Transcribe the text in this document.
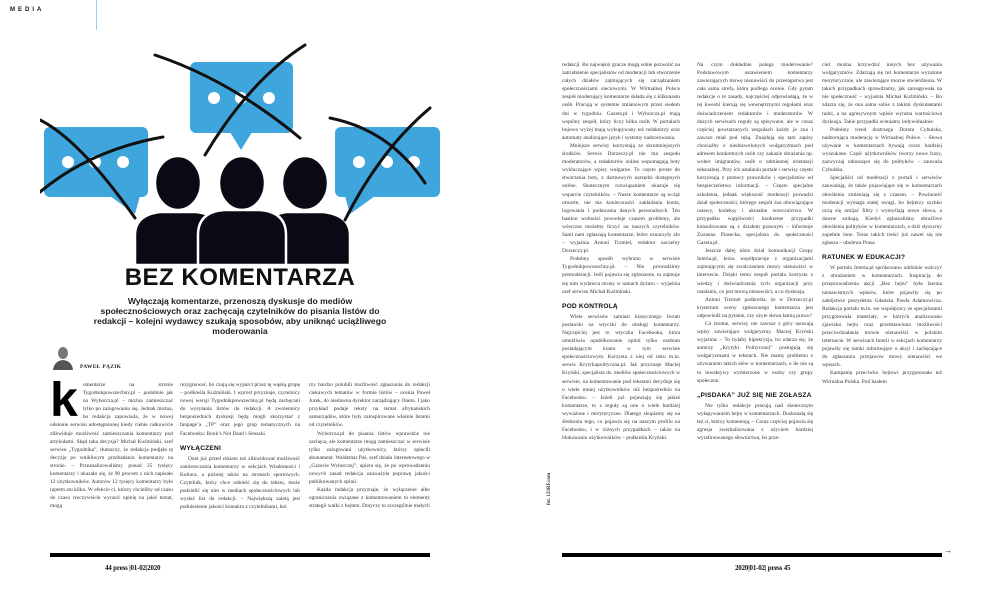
MEDIA
BEZ KOMENTARZA
Wyłączają komentarze, przenoszą dyskusje do mediów społecznościowych oraz zachęcają czytelników do pisania listów do redakcji – kolejni wydawcy szukają sposobów, aby uniknąć uciążliwego moderowania
PAWEŁ PĄZIK
k omentarze na stronie Tygodnikpowszechny.pl – podobnie jak na Wyborcza.pl – można zamieszczać tylko po zalogowaniu się. Jednak można, bo redakcja zapowiada, że w nowej odsłonie serwisu udostępnionej kiedy ciebie całkowicie zlikwiduje możliwość zamieszczania komentarzy pod artykułami. Skąd taka decyzja? Michał Kuźmiński, szef serwisu „Tygodnika”, tłumaczy, że redakcja podjęła tę decyzję po wnikliwym przebadaniu komentarzy na stronie. – Przeanalizowaliśmy ponad 35 tysięcy komentarzy i okazało się, że 90 procent z nich napisało 12 użytkowników. Autorów 12 tysięcy komentarzy było raptem stu kilku. W efekcie ci, którzy chcieliby od czasu do czasu rzeczywiście wyrazić opinię na jakiś temat, mogą

rezygnować, bo czują się wyparci przez tę wąską grupę – podkreśla Kuźmiński. I wprost przyznaje, czytelnicy nowej wersji Tygodnikpowszechny.pl będą zachęcani do wysyłania listów do redakcji. A zwolennicy bezpośrednich dyskusji będą mogli skorzystać z fanpage’a „TP” oraz jego grup tematycznych na Facebooku: Book’s Not Dead i Sensaki.

WYŁĄCZENI

Onet już przed rokiem też zlikwidował możliwość zamieszczania komentarzy w sekcjach Wiadomości i Kultura, a później także na stronach sportowych. Czytelnik, który chce odnieść się do tekstu, może podzielić się nim w mediach społecznościowych lub wysłać list do redakcji. – Największą zaletą jest podniesienie jakości kontaktu z czytelnikami, któ

rzy bardzo polubili możliwość zgłaszania do redakcji ciekawych tematów w formie listów – ocenia Paweł Jurek, do niedawna dyrektor zarządzający Onetu. I jako przykład podaje teksty na temat afrykańskich samorządów, które były zainspirowane właśnie listami od czytelników.

Wyborcza.pl do pisania listów wprawdzie nie zachęca, ale komentarze mogą zamieszczać w serwisie tylko zalogowani użytkownicy, którzy opłacili abonament. Waldemar Paś, szef działu internetowego w „Gazecie Wyborczej”, upiera się, że po wprowadzeniu nowych zasad redakcja zauważyła poprawę jakości publikowanych opinii.

Każda redakcja przyznaje, że wyłączenie albo ograniczenia związane z komentowaniem to elementy strategii walki z hejtem. Dotyczy to szczególnie małych

44 press |01-02|2020

redakcji. Bo najwięksi gracze mogą sobie pozwolić na zatrudnienie specjalistów od moderacji lub stworzenie całych działów zajmujących się zarządzaniem społecznościami sieciowymi. W Wirtualnej Polsce zespół moderujący komentarze składa się z kilkunastu osób. Pracują w systemie zmianowym przez siedem dni w tygodniu. Gazeta.pl i Wyborcza.pl mają wspólny zespół, który liczy kilka osób. W portalach bojowo wyżej mają wykupywany też redaktorzy oraz automaty analizujące język i systemy nadzorowania.

Mniejsze serwisy korzystają ze skromniejszych środków. Serwis Dorzeczy.pl nie ma zespołu moderatorów, a redaktorów online wspomagają boty wykluczające wpisy wulgarne. To często proste do stworzenia boty, z darmowych narzędzi dostępnych online. Skutecznym rozwiązaniem okazuje się wsparcie czytelników. – Nasze komentarze są wciąż otwarte, nie ma konieczności zakładania konta, logowania i podawania danych personalnych. Ten bastion wolności powoduje czasem problemy, ale wówczas możemy liczyć na naszych czytelników. Sami nam zgłaszają komentarze, które oznaczyły zło – wyjaśnia Antoni Trzmiel, redaktor naczelny Dorzeczy.pl.

Podobny sposób wybrano w serwisie Tygodnikpowszechny.pl. – Nie prowadzimy premoderacji. Jeśli pojawia się zgłoszenie, to zajmuje się nim wydawca strony w ramach dyżuru – wyjaśnia szef serwisu Michał Kuźmiński.

POD KONTROLĄ

Wiele serwisów zamiast klasycznego forum postawiło na wtyczki do obsługi komentarzy. Najczęściej jest to wtyczka Facebooka, która umożliwia opublikowanie opinii tylko osobom posiadającym konto w tym serwisie społecznościowym. Korzysta z niej od roku m.in. serwis Krytykapolityczna.pl. Jak przyznaje Maciej Kryński, specjalista ds. mediów społecznościowych w serwisie, na komentowanie pod tekstami decyduje się o wiele mniej użytkowników niż bezpośrednio na Facebooku. – Jeżeli już pojawiają się jakieś komentarze, to z reguły są one o wiele bardziej wyważone i merytoryczne. Dlatego skupiamy się na śledzeniu tego, co pojawia się na naszym profilu na Facebooku, i w różnych przypadkach – także na blokowaniu użytkowników – podkreśla Kryński.

Na czym dokładnie polega moderowanie? Podstawowym ustawieniem komentarzy zawierających mowę nienawiści do przestępstwa jest cała sama strefa, która podlega ocenie. Gdy pytam redakcje o te zasady, najczęściej odpowiadają, że w tej kwestii kierują się wewnętrznymi regułami oraz doświadczeniem redaktorów i moderatorów. W dużych serwisach reguły są spisywane, ale w coraz częściej powtarzanych zespołach każdy je zna i zawsze miał pod ręką. Znajdują się tam zapisy chociażby o niedozwolonych wulgaryzmach pod adresem konkretnych osób czy zakazie obrażania np. wobec imigrantów, osób o odmiennej orientacji seksualnej. Przy ich ustalaniu portale i serwisy często korzystają z pomocy prawników i specjalistów od bezpieczeństwa informacji. – Często specjalne szkolenia, jednak większość moderacji prowadzi dział społeczności, którego zespół zna obowiązujące ustawy, kodeksy i aktualne orzecznictwo. W przypadku wątpliwości konkretne przypadki konsultowane są z działem prawnym – informuje Zuzanna Piasecka, specjalista ds. społeczności Gazeta.pl.

Jeszcze dalej idzie dział komunikacji Grupy Interia.pl, która współpracuje z organizacjami zajmującymi się zwalczaniem mowy nienawiści w internecie. Dzięki temu zespół portalu korzysta z wiedzy i doświadczenia tych organizacji przy ustalaniu, co jest mową nienawiści, a co dyskusją.

Antoni Trzmiel podkreśla, że w Dorzeczy.pl kryterium oceny zgłoszonego komentarza jest odpowiedź na pytanie, czy użyte słowa łamią prawo?

Co istotne, serwisy nie zawsze z góry usuwają wpisy zawierające wulgaryzmy. Maciej Kryński wyjaśnia: – To byłaby hipokryzja, bo zdarza się, że autorzy „Krytyki Politycznej” posługują się wulgaryzmami w tekstach. Nie mamy problemu z używaniem takich słów w komentarzach, o ile nie są to inwektywy wymierzone w osoby czy grupy społeczne.

„PISDAKA” JUŻ SIĘ NIE ZGŁASZA

Nie tylko redakcje pracują nad skutecznym wyłapywaniem hejtu w komentarzach. Doskonalą się też ci, którzy komentują. – Coraz częściej pojawia się agresja zwerbalizowana z użyciem bardziej wyrafinowanego słownictwa, bo prze-

cież można krzywdzić innych bez używania wulgaryzmów. Zdarzają się też komentarze wyrażone merytorycznie, ale zawierające mocne stwierdzenia. W takich przypadkach sprawdzamy, jak zareagowała na nie społeczność – wyjaśnia Michał Kuźmiński. – Bo zdarza się, że ona sama sobie z takimi dyskutantami radzi, a na agresywnym wpisie wyrasta wartościowa dyskusja. Takie przypadki oceniamy indywidualnie.

Podobny trend dostrzega Dorota Cybulska, nadzorująca moderację w Wirtualnej Polsce. – Słowa używane w komentarzach bywają coraz bardziej wyszukane. Część użytkowników tworzy nowe frazy, zazwyczaj odnoszące się do polityków – zauważa Cybulska.

Specjaliści od moderacji z portali i serwisów zauważają, że także pojawiające się w komentarzach określenia zmieniają się z czasem. – Powinność moderacji wymaga stałej uwagi, bo hejterzy szybko uczą się omijać filtry i wymyślają nowe słowa, a dawne znikają. Kiedyś zgłaszaliśmy obraźliwe określenia polityków w komentarzach, a dziś słyszymy zupełnie inne. Teraz takich treści już nawet się nie zgłasza – ubolewa Prasa.

RATUNEK W EDUKACJI?

W portalu Interia.pl spróbowano oddolnie walczyć z obrażaniem w komentarzach. Inspiracją do przeprowadzenia akcji „Bez hejtu” była lawina nienawistnych wpisów, które pojawiły się po zabójstwie prezydenta Gdańska Pawła Adamowicza. Redakcja portalu m.in. we współpracy ze specjalistami przygotowała materiały, w których analizowano zjawisko hejtu oraz przedstawiono możliwości przeciwdziałania mowie nienawiści w polskim internecie. W serwisach Interii w sekcjach komentarzy pojawiły się ramki informujące o akcji i zachęcające do zgłaszania przejawów mowy nienawiści we wpisach.

Kampanię przeciwko hejtowi przygotowała też Wirtualna Polska. Pod hasłem

→
fot. 123RF.com
2020|01-02| press 45
